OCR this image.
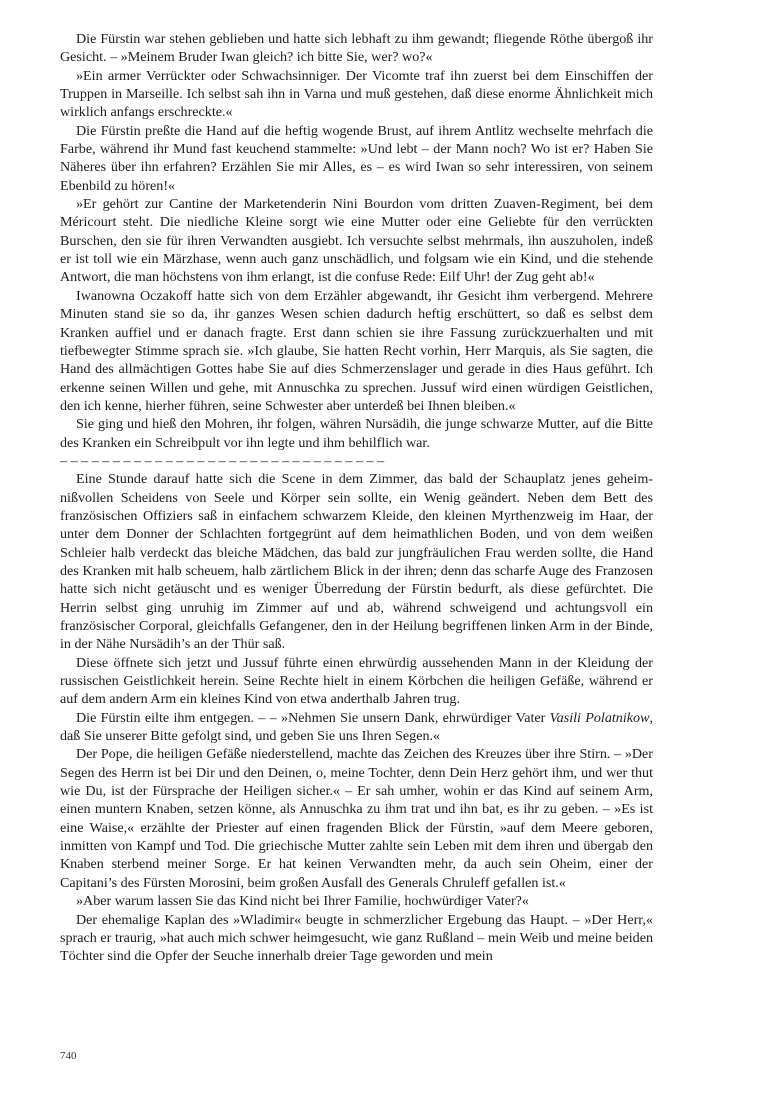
Die Fürstin war stehen geblieben und hatte sich lebhaft zu ihm gewandt; fliegende Röthe übergoß ihr Gesicht. – »Meinem Bruder Iwan gleich? ich bitte Sie, wer? wo?«

»Ein armer Verrückter oder Schwachsinniger. Der Vicomte traf ihn zuerst bei dem Einschiffen der Truppen in Marseille. Ich selbst sah ihn in Varna und muß gestehen, daß diese enorme Ähnlichkeit mich wirklich anfangs erschreckte.«

Die Fürstin preßte die Hand auf die heftig wogende Brust, auf ihrem Antlitz wechselte mehrfach die Farbe, während ihr Mund fast keuchend stammelte: »Und lebt – der Mann noch? Wo ist er? Haben Sie Näheres über ihn erfahren? Erzählen Sie mir Alles, es – es wird Iwan so sehr interessiren, von seinem Ebenbild zu hören!«

»Er gehört zur Cantine der Marketenderin Nini Bourdon vom dritten Zuaven-Regiment, bei dem Méricourt steht. Die niedliche Kleine sorgt wie eine Mutter oder eine Geliebte für den verrückten Burschen, den sie für ihren Verwandten ausgiebt. Ich versuchte selbst mehrmals, ihn auszuholen, indeß er ist toll wie ein Märzhase, wenn auch ganz unschädlich, und folgsam wie ein Kind, und die stehende Antwort, die man höchstens von ihm erlangt, ist die confuse Rede: Eilf Uhr! der Zug geht ab!«

Iwanowna Oczakoff hatte sich von dem Erzähler abgewandt, ihr Gesicht ihm verbergend. Mehrere Minuten stand sie so da, ihr ganzes Wesen schien dadurch heftig erschüttert, so daß es selbst dem Kranken auffiel und er danach fragte. Erst dann schien sie ihre Fassung zurückzuerhalten und mit tiefbewegter Stimme sprach sie. »Ich glaube, Sie hatten Recht vorhin, Herr Marquis, als Sie sagten, die Hand des allmächtigen Gottes habe Sie auf dies Schmerzenslager und gerade in dies Haus geführt. Ich erkenne seinen Willen und gehe, mit Annuschka zu sprechen. Jussuf wird einen würdigen Geistlichen, den ich kenne, hierher führen, seine Schwester aber unterdeß bei Ihnen bleiben.«

Sie ging und hieß den Mohren, ihr folgen, währen Nursädih, die junge schwarze Mutter, auf die Bitte des Kranken ein Schreibpult vor ihn legte und ihm behilflich war.

– – – – – – – – – – – – – – – – – – – – – – – – – – – – – – –

Eine Stunde darauf hatte sich die Scene in dem Zimmer, das bald der Schauplatz jenes geheimnißvollen Scheidens von Seele und Körper sein sollte, ein Wenig geändert. Neben dem Bett des französischen Offiziers saß in einfachem schwarzem Kleide, den kleinen Myrthenzweig im Haar, der unter dem Donner der Schlachten fortgegrünt auf dem heimathlichen Boden, und von dem weißen Schleier halb verdeckt das bleiche Mädchen, das bald zur jungfräulichen Frau werden sollte, die Hand des Kranken mit halb scheuem, halb zärtlichem Blick in der ihren; denn das scharfe Auge des Franzosen hatte sich nicht getäuscht und es weniger Überredung der Fürstin bedurft, als diese gefürchtet. Die Herrin selbst ging unruhig im Zimmer auf und ab, während schweigend und achtungsvoll ein französischer Corporal, gleichfalls Gefangener, den in der Heilung begriffenen linken Arm in der Binde, in der Nähe Nursädih’s an der Thür saß.

Diese öffnete sich jetzt und Jussuf führte einen ehrwürdig aussehenden Mann in der Kleidung der russischen Geistlichkeit herein. Seine Rechte hielt in einem Körbchen die heiligen Gefäße, während er auf dem andern Arm ein kleines Kind von etwa anderthalb Jahren trug.

Die Fürstin eilte ihm entgegen. – – »Nehmen Sie unsern Dank, ehrwürdiger Vater Vasili Polatnikow, daß Sie unserer Bitte gefolgt sind, und geben Sie uns Ihren Segen.«

Der Pope, die heiligen Gefäße niederstellend, machte das Zeichen des Kreuzes über ihre Stirn. – »Der Segen des Herrn ist bei Dir und den Deinen, o, meine Tochter, denn Dein Herz gehört ihm, und wer thut wie Du, ist der Fürsprache der Heiligen sicher.« – Er sah umher, wohin er das Kind auf seinem Arm, einen muntern Knaben, setzen könne, als Annuschka zu ihm trat und ihn bat, es ihr zu geben. – »Es ist eine Waise,« erzählte der Priester auf einen fragenden Blick der Fürstin, »auf dem Meere geboren, inmitten von Kampf und Tod. Die griechische Mutter zahlte sein Leben mit dem ihren und übergab den Knaben sterbend meiner Sorge. Er hat keinen Verwandten mehr, da auch sein Oheim, einer der Capitani’s des Fürsten Morosini, beim großen Ausfall des Generals Chruleff gefallen ist.«

»Aber warum lassen Sie das Kind nicht bei Ihrer Familie, hochwürdiger Vater?«

Der ehemalige Kaplan des »Wladimir« beugte in schmerzlicher Ergebung das Haupt. – »Der Herr,« sprach er traurig, »hat auch mich schwer heimgesucht, wie ganz Rußland – mein Weib und meine beiden Töchter sind die Opfer der Seuche innerhalb dreier Tage geworden und mein

740
